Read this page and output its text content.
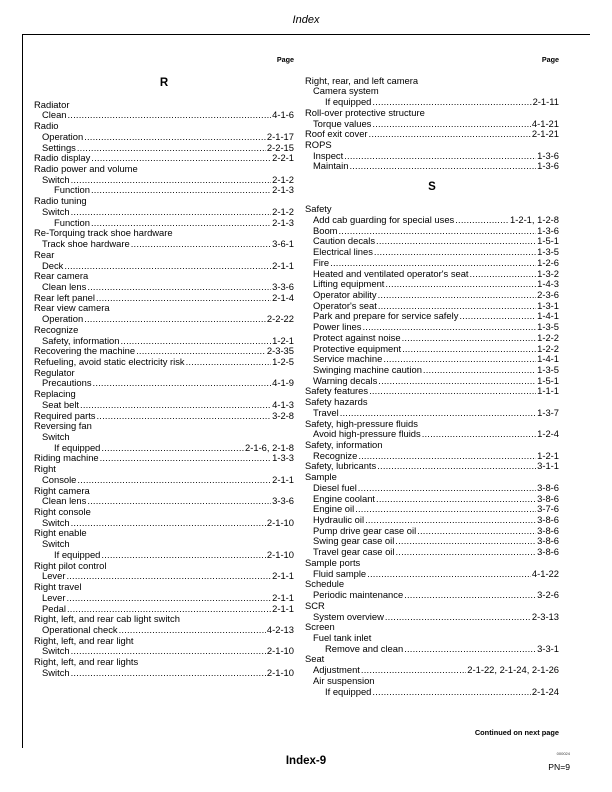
Index
Page
R
Radiator
Clean .....	4-1-6
Radio
Operation .....	2-1-17
Settings .....	2-2-15
Radio display .....	2-2-1
Radio power and volume
Switch .....	2-1-2
Function .....	2-1-3
Radio tuning
Switch .....	2-1-2
Function .....	2-1-3
Re-Torquing track shoe hardware
Track shoe hardware .....	3-6-1
Rear
Deck .....	2-1-1
Rear camera
Clean lens .....	3-3-6
Rear left panel .....	2-1-4
Rear view camera
Operation .....	2-2-22
Recognize
Safety, information .....	1-2-1
Recovering the machine .....	2-3-35
Refueling, avoid static electricity risk .....	1-2-5
Regulator
Precautions .....	4-1-9
Replacing
Seat belt .....	4-1-3
Required parts .....	3-2-8
Reversing fan
Switch
If equipped .....	2-1-6, 2-1-8
Riding machine .....	1-3-3
Right
Console .....	2-1-1
Right camera
Clean lens .....	3-3-6
Right console
Switch .....	2-1-10
Right enable
Switch
If equipped .....	2-1-10
Right pilot control
Lever .....	2-1-1
Right travel
Lever .....	2-1-1
Pedal .....	2-1-1
Right, left, and rear cab light switch
Operational check .....	4-2-13
Right, left, and rear light
Switch .....	2-1-10
Right, left, and rear lights
Switch .....	2-1-10
Page
Right, rear, and left camera
Camera system
If equipped .....	2-1-11
Roll-over protective structure
Torque values .....	4-1-21
Roof exit cover .....	2-1-21
ROPS
Inspect .....	1-3-6
Maintain .....	1-3-6
S
Safety
Add cab guarding for special uses .....	1-2-1, 1-2-8
Boom .....	1-3-6
Caution decals .....	1-5-1
Electrical lines .....	1-3-5
Fire .....	1-2-6
Heated and ventilated operator's seat .....	1-3-2
Lifting equipment .....	1-4-3
Operator ability .....	2-3-6
Operator's seat .....	1-3-1
Park and prepare for service safely .....	1-4-1
Power lines .....	1-3-5
Protect against noise .....	1-2-2
Protective equipment .....	1-2-2
Service machine .....	1-4-1
Swinging machine caution .....	1-3-5
Warning decals .....	1-5-1
Safety features .....	1-1-1
Safety hazards
Travel .....	1-3-7
Safety, high-pressure fluids
Avoid high-pressure fluids .....	1-2-4
Safety, information
Recognize .....	1-2-1
Safety, lubricants .....	3-1-1
Sample
Diesel fuel .....	3-8-6
Engine coolant .....	3-8-6
Engine oil .....	3-7-6
Hydraulic oil .....	3-8-6
Pump drive gear case oil .....	3-8-6
Swing gear case oil .....	3-8-6
Travel gear case oil .....	3-8-6
Sample ports
Fluid sample .....	4-1-22
Schedule
Periodic maintenance .....	3-2-6
SCR
System overview .....	2-3-13
Screen
Fuel tank inlet
Remove and clean .....	3-3-1
Seat
Adjustment .....	2-1-22, 2-1-24, 2-1-26
Air suspension
If equipped .....	2-1-24
Continued on next page
Index-9
000024
PN=9
